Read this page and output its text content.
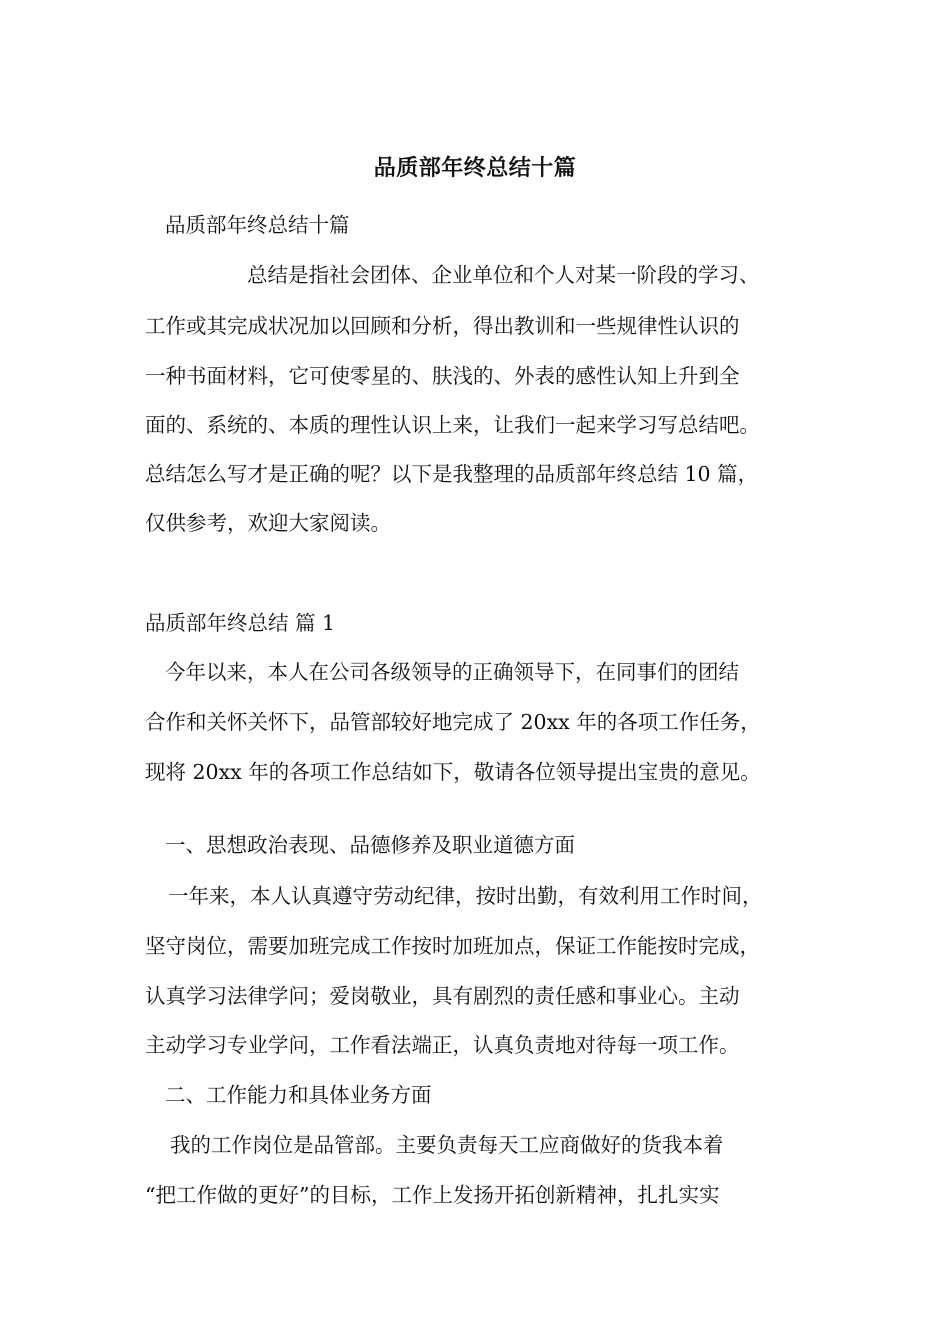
品质部年终总结十篇
品质部年终总结十篇
总结是指社会团体、企业单位和个人对某一阶段的学习、
工作或其完成状况加以回顾和分析，得出教训和一些规律性认识的
一种书面材料，它可使零星的、肤浅的、外表的感性认知上升到全
面的、系统的、本质的理性认识上来，让我们一起来学习写总结吧。
总结怎么写才是正确的呢？以下是我整理的品质部年终总结 10 篇，
仅供参考，欢迎大家阅读。
品质部年终总结 篇 1
今年以来，本人在公司各级领导的正确领导下，在同事们的团结
合作和关怀关怀下，品管部较好地完成了 20xx 年的各项工作任务，
现将 20xx 年的各项工作总结如下，敬请各位领导提出宝贵的意见。
一、思想政治表现、品德修养及职业道德方面
一年来，本人认真遵守劳动纪律，按时出勤，有效利用工作时间，
坚守岗位，需要加班完成工作按时加班加点，保证工作能按时完成，
认真学习法律学问；爱岗敬业，具有剧烈的责任感和事业心。主动
主动学习专业学问，工作看法端正，认真负责地对待每一项工作。
二、工作能力和具体业务方面
我的工作岗位是品管部。主要负责每天工应商做好的货我本着
“把工作做的更好”的目标，工作上发扬开拓创新精神，扎扎实实
